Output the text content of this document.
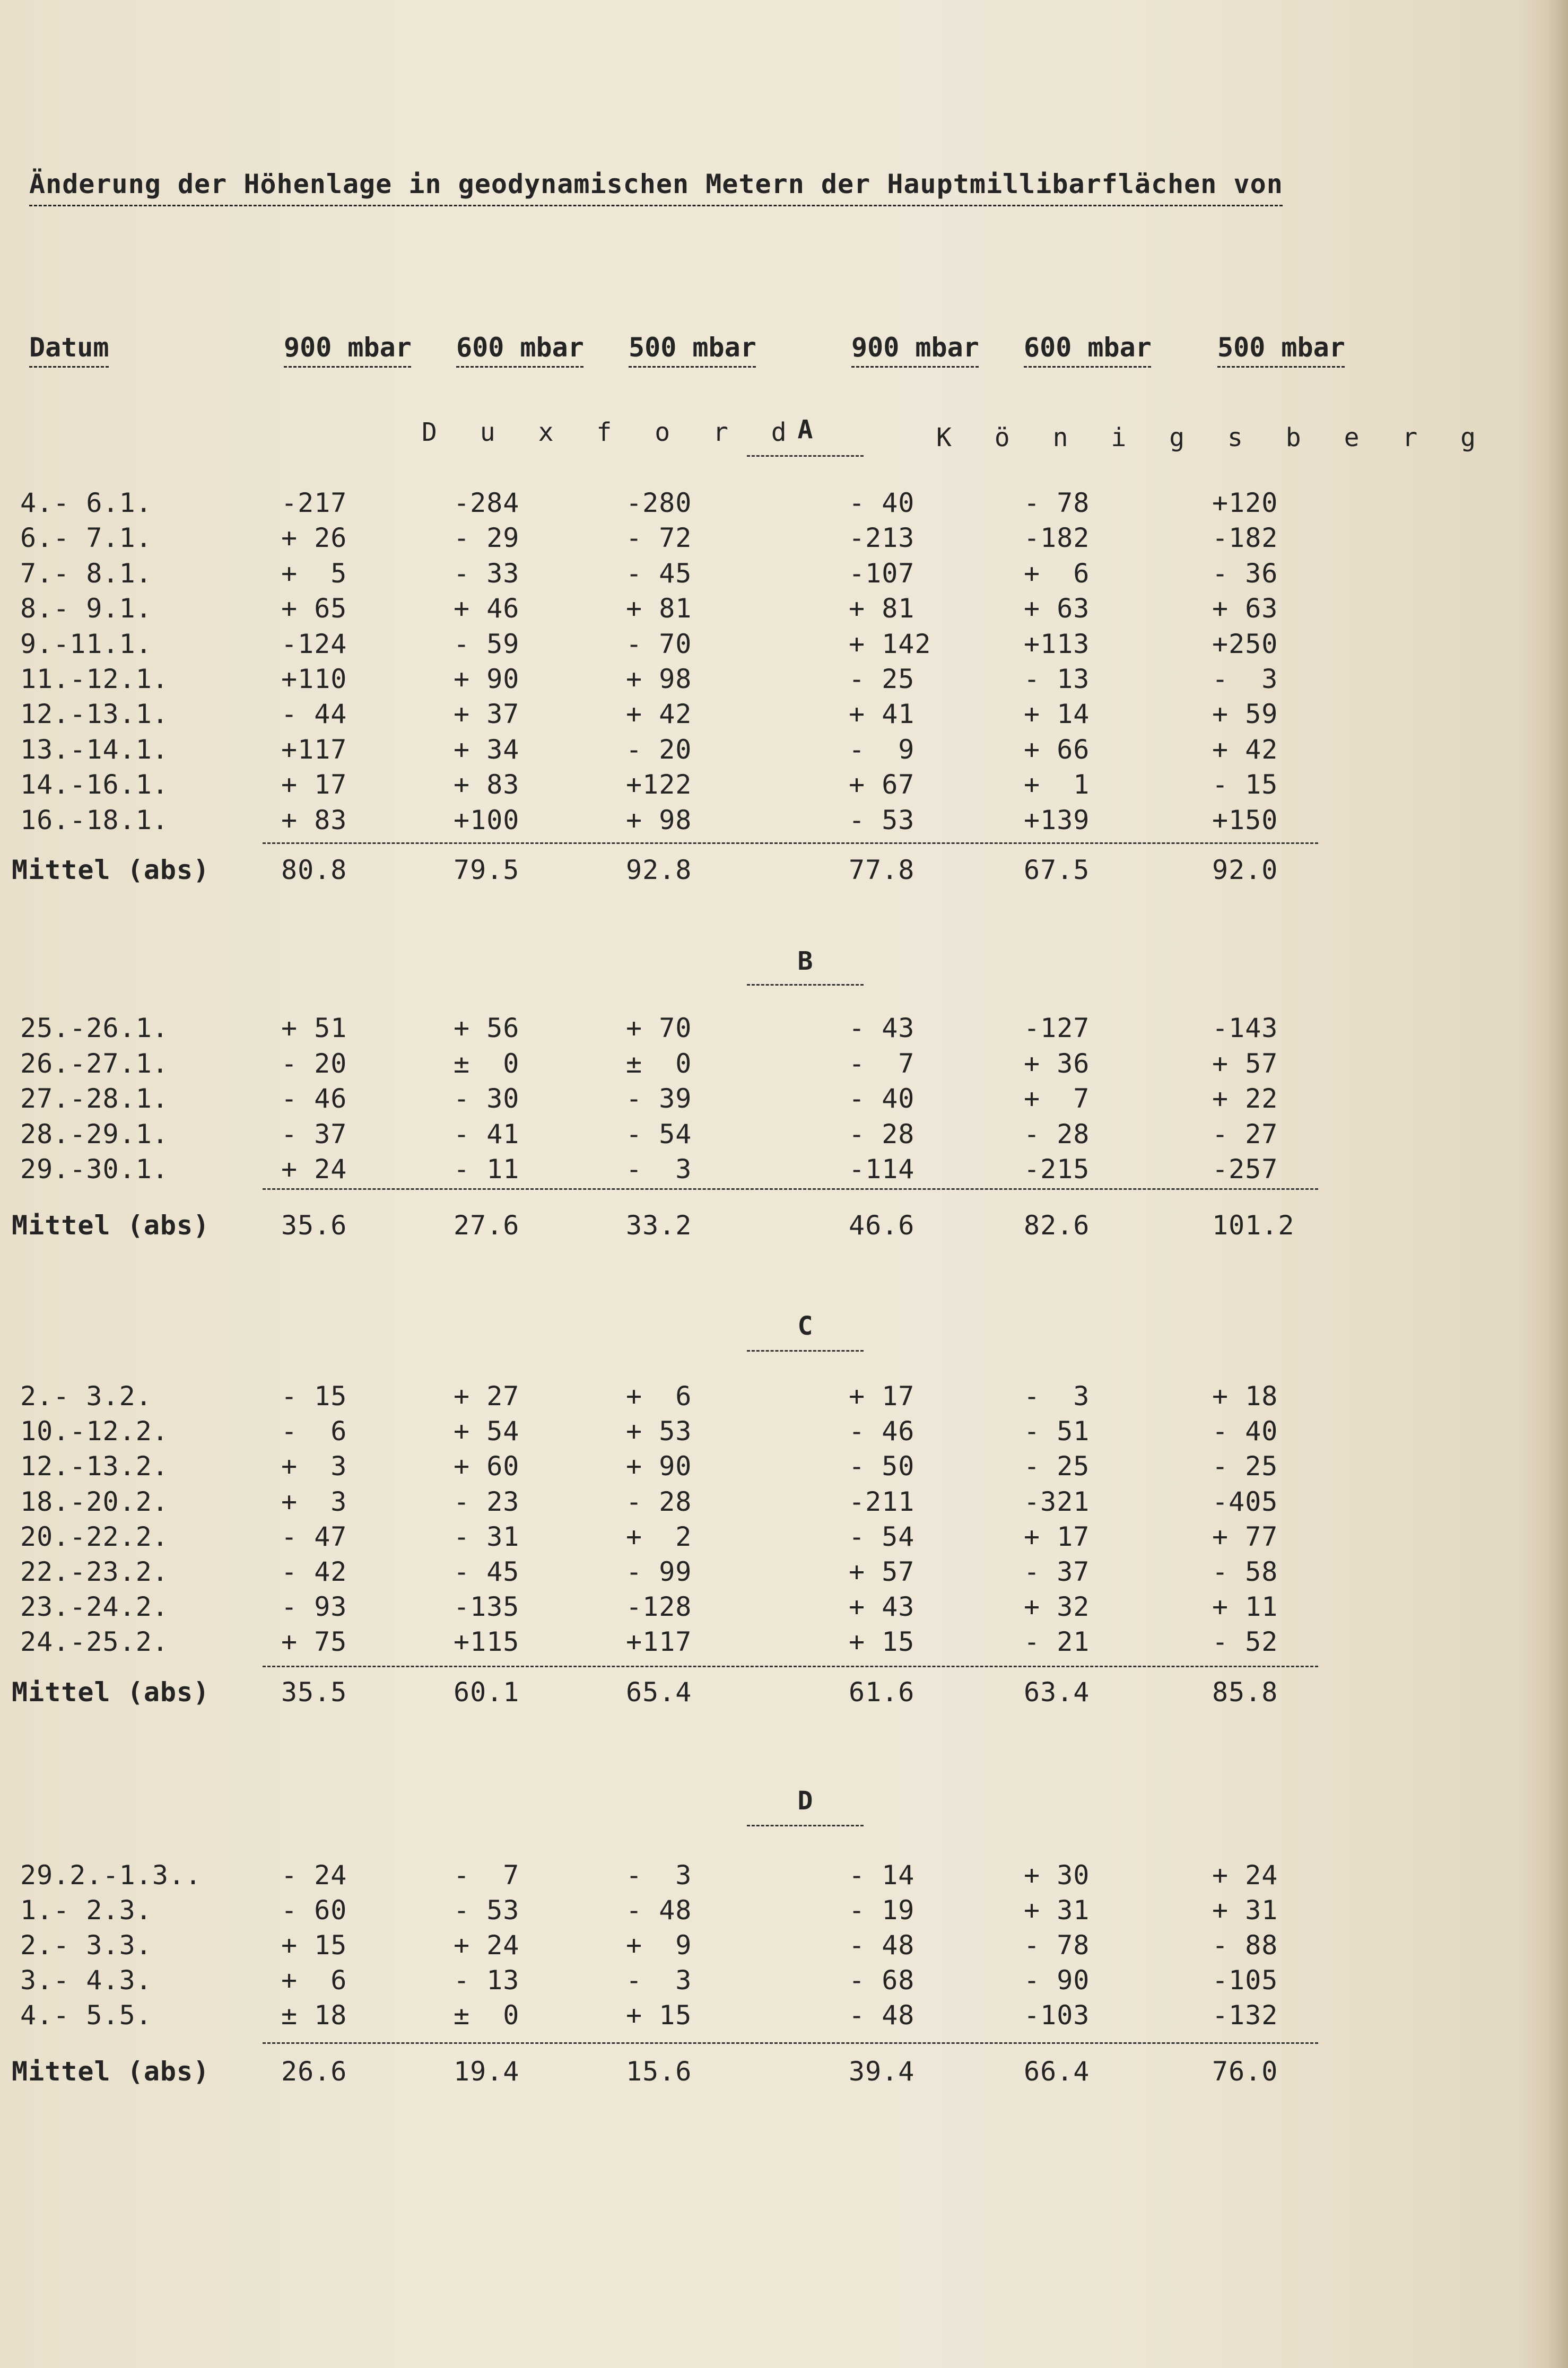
Änderung der Höhenlage in geodynamischen Metern der Hauptmillibarflächen von
Datum	900 mbar 600 mbar 500 mbar	900 mbar 600 mbar 500 mbar
D u x f o r d	K ö n i g s b e r g
A
4.- 6.1.	-217	-284	-280	- 40	- 78	+120
6.- 7.1.	+ 26	- 29	- 72	-213	-182	-182
7.- 8.1.	+  5	- 33	- 45	-107	+  6	- 36
8.- 9.1.	+ 65	+ 46	+ 81	+ 81	+ 63	+ 63
9.-11.1.	-124	- 59	- 70	+ 142	+113	+250
11.-12.1.	+110	+ 90	+ 98	- 25	- 13	-  3
12.-13.1.	- 44	+ 37	+ 42	+ 41	+ 14	+ 59
13.-14.1.	+117	+ 34	- 20	-  9	+ 66	+ 42
14.-16.1.	+ 17	+ 83	+122	+ 67	+  1	- 15
16.-18.1.	+ 83	+100	+ 98	- 53	+139	+150
Mittel (abs)	80.8	79.5	92.8	77.8	67.5	92.0
B
25.-26.1.	+ 51	+ 56	+ 70	- 43	-127	-143
26.-27.1.	- 20	±  0	±  0	-  7	+ 36	+ 57
27.-28.1.	- 46	- 30	- 39	- 40	+  7	+ 22
28.-29.1.	- 37	- 41	- 54	- 28	- 28	- 27
29.-30.1.	+ 24	- 11	-  3	-114	-215	-257
Mittel (abs)	35.6	27.6	33.2	46.6	82.6	101.2
C
2.- 3.2.	- 15	+ 27	+  6	+ 17	-  3	+ 18
10.-12.2.	-  6	+ 54	+ 53	- 46	- 51	- 40
12.-13.2.	+  3	+ 60	+ 90	- 50	- 25	- 25
18.-20.2.	+  3	- 23	- 28	-211	-321	-405
20.-22.2.	- 47	- 31	+  2	- 54	+ 17	+ 77
22.-23.2.	- 42	- 45	- 99	+ 57	- 37	- 58
23.-24.2.	- 93	-135	-128	+ 43	+ 32	+ 11
24.-25.2.	+ 75	+115	+117	+ 15	- 21	- 52
Mittel (abs)	35.5	60.1	65.4	61.6	63.4	85.8
D
29.2.-1.3..	- 24	-  7	-  3	- 14	+ 30	+ 24
1.- 2.3.	- 60	- 53	- 48	- 19	+ 31	+ 31
2.- 3.3.	+ 15	+ 24	+  9	- 48	- 78	- 88
3.- 4.3.	+  6	- 13	-  3	- 68	- 90	-105
4.- 5.5.	± 18	±  0	+ 15	- 48	-103	-132
Mittel (abs)	26.6	19.4	15.6	39.4	66.4	76.0
